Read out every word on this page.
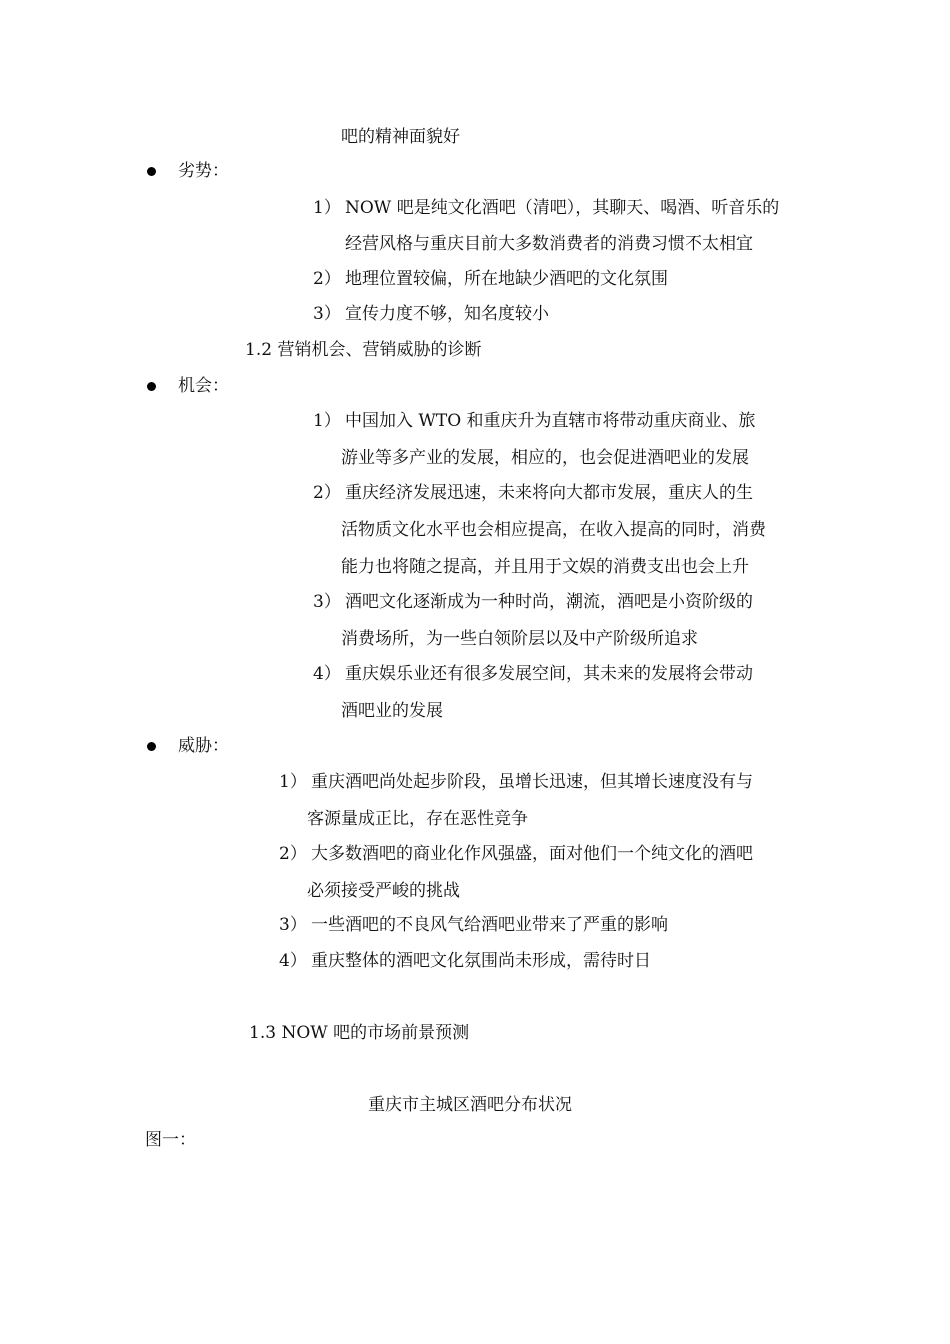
吧的精神面貌好
劣势：
1） NOW 吧是纯文化酒吧（清吧），其聊天、喝酒、听音乐的
经营风格与重庆目前大多数消费者的消费习惯不太相宜
2） 地理位置较偏，所在地缺少酒吧的文化氛围
3） 宣传力度不够，知名度较小
1.2 营销机会、营销威胁的诊断
机会：
1） 中国加入 WTO 和重庆升为直辖市将带动重庆商业、旅
游业等多产业的发展，相应的，也会促进酒吧业的发展
2） 重庆经济发展迅速，未来将向大都市发展，重庆人的生
活物质文化水平也会相应提高，在收入提高的同时，消费
能力也将随之提高，并且用于文娱的消费支出也会上升
3） 酒吧文化逐渐成为一种时尚，潮流，酒吧是小资阶级的
消费场所，为一些白领阶层以及中产阶级所追求
4） 重庆娱乐业还有很多发展空间，其未来的发展将会带动
酒吧业的发展
威胁：
1） 重庆酒吧尚处起步阶段，虽增长迅速，但其增长速度没有与
客源量成正比，存在恶性竞争
2） 大多数酒吧的商业化作风强盛，面对他们一个纯文化的酒吧
必须接受严峻的挑战
3） 一些酒吧的不良风气给酒吧业带来了严重的影响
4） 重庆整体的酒吧文化氛围尚未形成，需待时日
1.3 NOW 吧的市场前景预测
重庆市主城区酒吧分布状况
图一：
